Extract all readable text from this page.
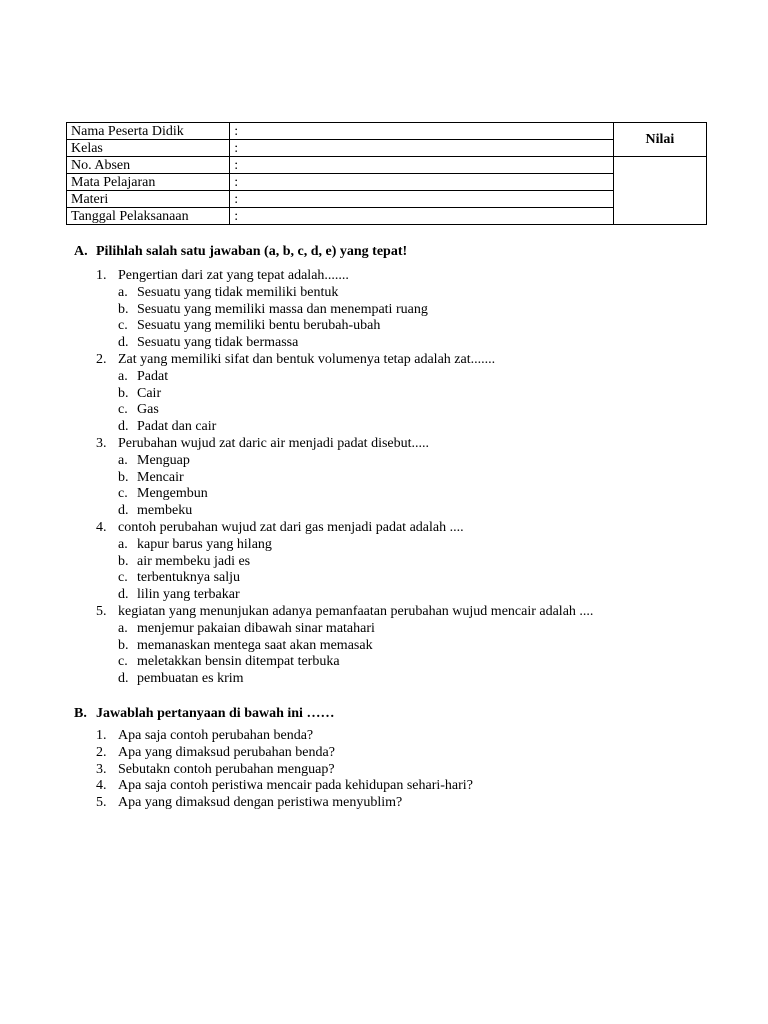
Nama Peserta Didik	:	Nilai
Kelas	:	
No. Absen	:	
Mata Pelajaran	:	
Materi	:	
Tanggal Pelaksanaan	:	
A. Pilihlah salah satu jawaban (a, b, c, d, e) yang tepat!
1. Pengertian dari zat yang tepat adalah.......
a. Sesuatu yang tidak memiliki bentuk
b. Sesuatu yang memiliki massa dan menempati ruang
c. Sesuatu yang memiliki bentu berubah-ubah
d. Sesuatu yang tidak bermassa
2. Zat yang memiliki sifat dan bentuk volumenya tetap adalah zat.......
a. Padat
b. Cair
c. Gas
d. Padat dan cair
3. Perubahan wujud zat daric air menjadi padat disebut.....
a. Menguap
b. Mencair
c. Mengembun
d. membeku
4. contoh perubahan wujud zat dari gas menjadi padat adalah ....
a. kapur barus yang hilang
b. air membeku jadi es
c. terbentuknya salju
d. lilin yang terbakar
5. kegiatan yang menunjukan adanya pemanfaatan perubahan wujud mencair adalah ....
a. menjemur pakaian dibawah sinar matahari
b. memanaskan mentega saat akan memasak
c. meletakkan bensin ditempat terbuka
d. pembuatan es krim
B. Jawablah pertanyaan di bawah ini ……
1. Apa saja contoh perubahan benda?
2. Apa yang dimaksud perubahan benda?
3. Sebutakn contoh perubahan menguap?
4. Apa saja contoh peristiwa mencair pada kehidupan sehari-hari?
5. Apa yang dimaksud dengan peristiwa menyublim?
